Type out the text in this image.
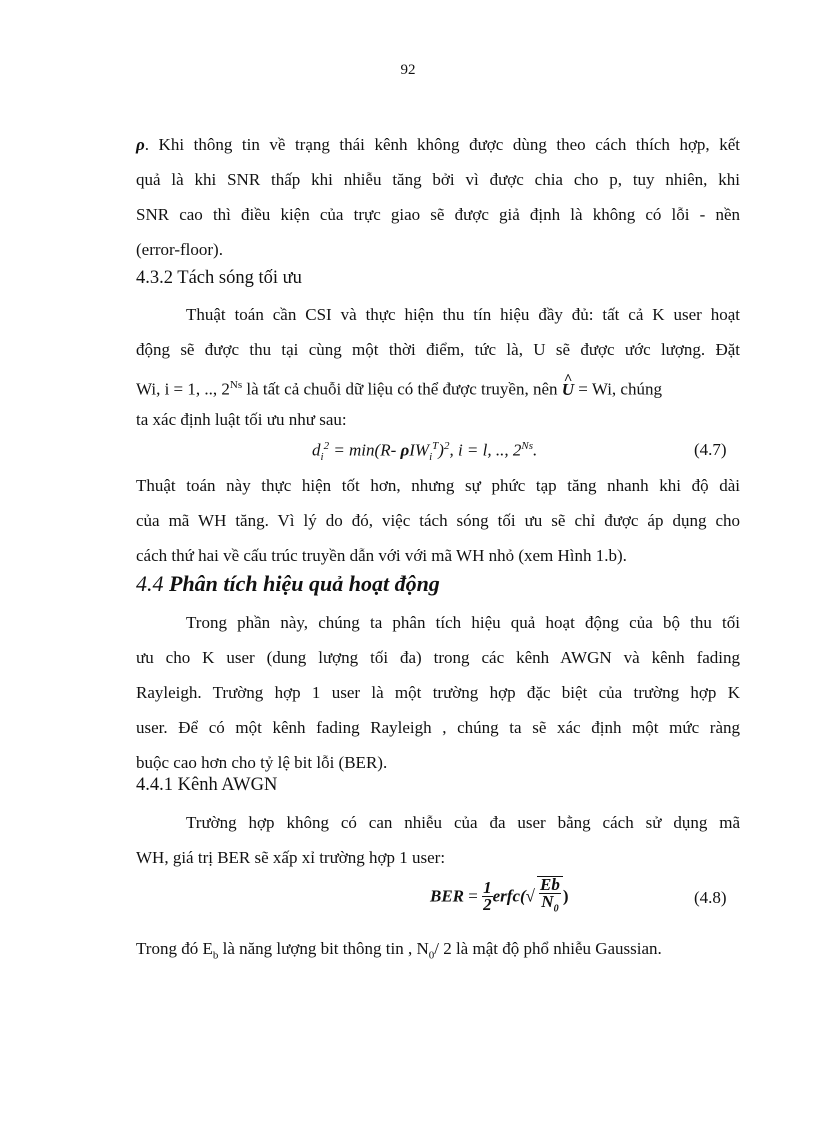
92
ρ. Khi thông tin về trạng thái kênh không được dùng theo cách thích hợp, kết
quả là khi SNR thấp khi nhiễu tăng bởi vì được chia cho p, tuy nhiên, khi
SNR cao thì điều kiện của trực giao sẽ được giả định là không có lỗi - nền
(error-floor).
4.3.2 Tách sóng tối ưu
Thuật toán cần CSI và thực hiện thu tín hiệu đầy đủ: tất cả K user hoạt
động sẽ được thu tại cùng một thời điểm, tức là, U sẽ được ước lượng. Đặt
Wi, i = 1, .., $2^{Ns}$ là tất cả chuỗi dữ liệu có thể được truyền, nên ^ U = Wi, chúng
ta xác định luật tối ưu như sau:
$d_i^2 = \min(R-$ ρIW$_i^T$)$^2$, i = l, .., $2^{Ns}$.	(4.7)
Thuật toán này thực hiện tốt hơn, nhưng sự phức tạp tăng nhanh khi độ dài
của mã WH tăng. Vì lý do đó, việc tách sóng tối ưu sẽ chỉ được áp dụng cho
cách thứ hai về cấu trúc truyền dẫn với với mã WH nhỏ (xem Hình 1.b).
4.4 Phân tích hiệu quả hoạt động
Trong phần này, chúng ta phân tích hiệu quả hoạt động của bộ thu tối
ưu cho K user (dung lượng tối đa) trong các kênh AWGN và kênh fading
Rayleigh. Trường hợp 1 user là một trường hợp đặc biệt của trường hợp K
user. Để có một kênh fading Rayleigh , chúng ta sẽ xác định một mức ràng
buộc cao hơn cho tỷ lệ bit lỗi (BER).
4.4.1 Kênh AWGN
Trường hợp không có can nhiễu của đa user bằng cách sử dụng mã
WH, giá trị BER sẽ xấp xỉ trường hợp 1 user:
BER = $\frac{1}{2}$ erfc(√ $\frac{Eb}{N_0}$ )	(4.8)
Trong đó $E_b$ là năng lượng bit thông tin , $N_0/$ 2 là mật độ phổ nhiễu Gaussian.
